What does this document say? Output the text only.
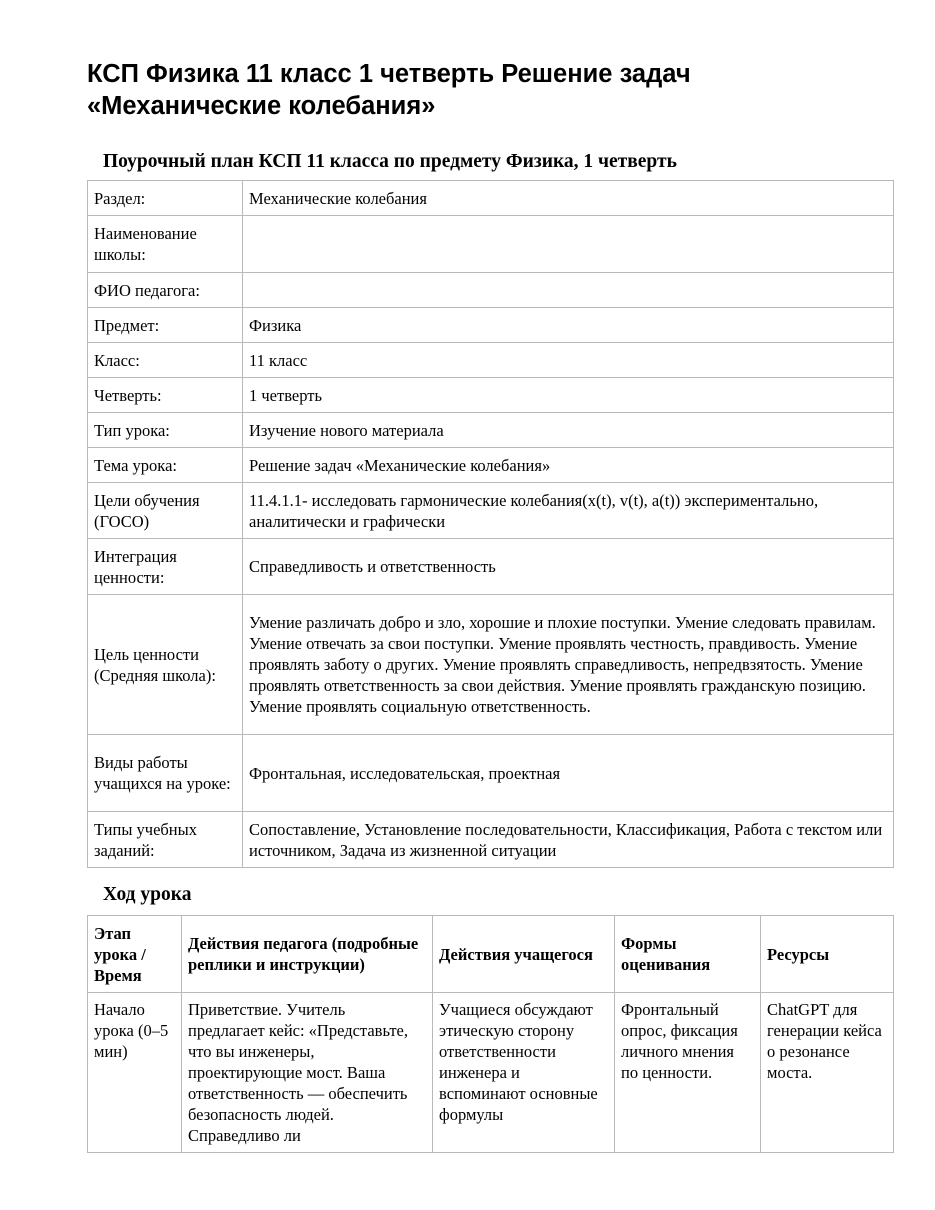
КСП Физика 11 класс 1 четверть Решение задач
«Механические колебания»
Поурочный план КСП 11 класса по предмету Физика, 1 четверть
Раздел:	Механические колебания
Наименование школы:	
ФИО педагога:	
Предмет:	Физика
Класс:	11 класс
Четверть:	1 четверть
Тип урока:	Изучение нового материала
Тема урока:	Решение задач «Механические колебания»
Цели обучения (ГОСО)	11.4.1.1- исследовать гармонические колебания(x(t), v(t), a(t)) экспериментально, аналитически и графически
Интеграция ценности:	Справедливость и ответственность
Цель ценности (Средняя школа):	Умение различать добро и зло, хорошие и плохие поступки. Умение следовать правилам. Умение отвечать за свои поступки. Умение проявлять честность, правдивость. Умение проявлять заботу о других. Умение проявлять справедливость, непредвзятость. Умение проявлять ответственность за свои действия. Умение проявлять гражданскую позицию. Умение проявлять социальную ответственность.
Виды работы учащихся на уроке:	Фронтальная, исследовательская, проектная
Типы учебных заданий:	Сопоставление, Установление последовательности, Классификация, Работа с текстом или источником, Задача из жизненной ситуации
Ход урока
Этап урока / Время	Действия педагога (подробные реплики и инструкции)	Действия учащегося	Формы оценивания	Ресурсы
Начало урока (0–5 мин)	Приветствие. Учитель предлагает кейс: «Представьте, что вы инженеры, проектирующие мост. Ваша ответственность — обеспечить безопасность людей. Справедливо ли	Учащиеся обсуждают этическую сторону ответственности инженера и вспоминают основные формулы	Фронтальный опрос, фиксация личного мнения по ценности.	ChatGPT для генерации кейса о резонансе моста.
